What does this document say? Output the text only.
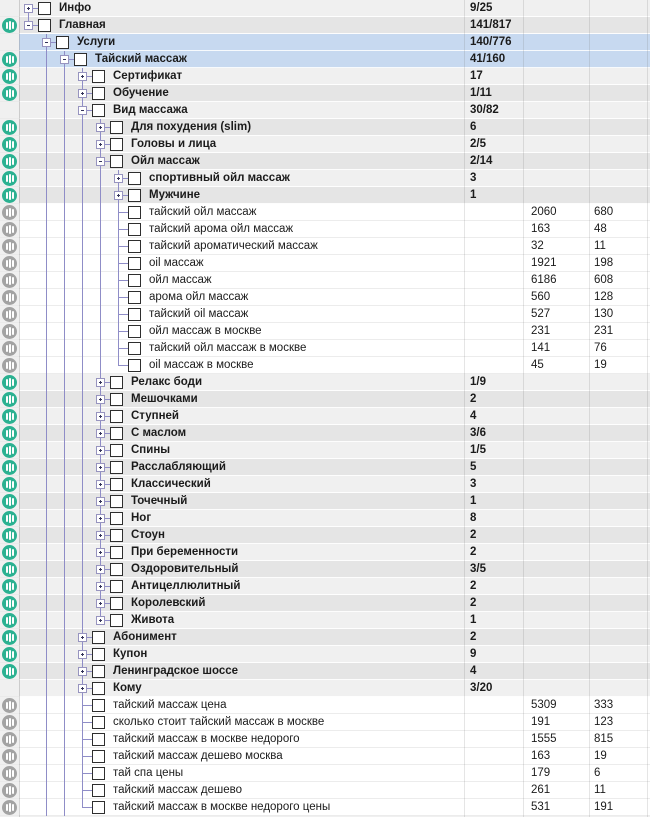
Инфо	9/25
Главная	141/817
Услуги	140/776
Тайский массаж	41/160
Сертификат	17
Обучение	1/11
Вид массажа	30/82
Для похудения (slim)	6
Головы и лица	2/5
Ойл массаж	2/14
спортивный ойл массаж	3
Мужчине	1
тайский ойл массаж	2060	680
тайский арома ойл массаж	163	48
тайский ароматический массаж	32	11
oil массаж	1921	198
ойл массаж	6186	608
арома ойл массаж	560	128
тайский oil массаж	527	130
ойл массаж в москве	231	231
тайский ойл массаж в москве	141	76
oil массаж в москве	45	19
Релакс боди	1/9
Мешочками	2
Ступней	4
С маслом	3/6
Спины	1/5
Расслабляющий	5
Классический	3
Точечный	1
Ног	8
Стоун	2
При беременности	2
Оздоровительный	3/5
Антицеллюлитный	2
Королевский	2
Живота	1
Абонимент	2
Купон	9
Ленинградское шоссе	4
Кому	3/20
тайский массаж цена	5309	333
сколько стоит тайский массаж в москве	191	123
тайский массаж в москве недорого	1555	815
тайский массаж дешево москва	163	19
тай спа цены	179	6
тайский массаж дешево	261	11
тайский массаж в москве недорого цены	531	191
